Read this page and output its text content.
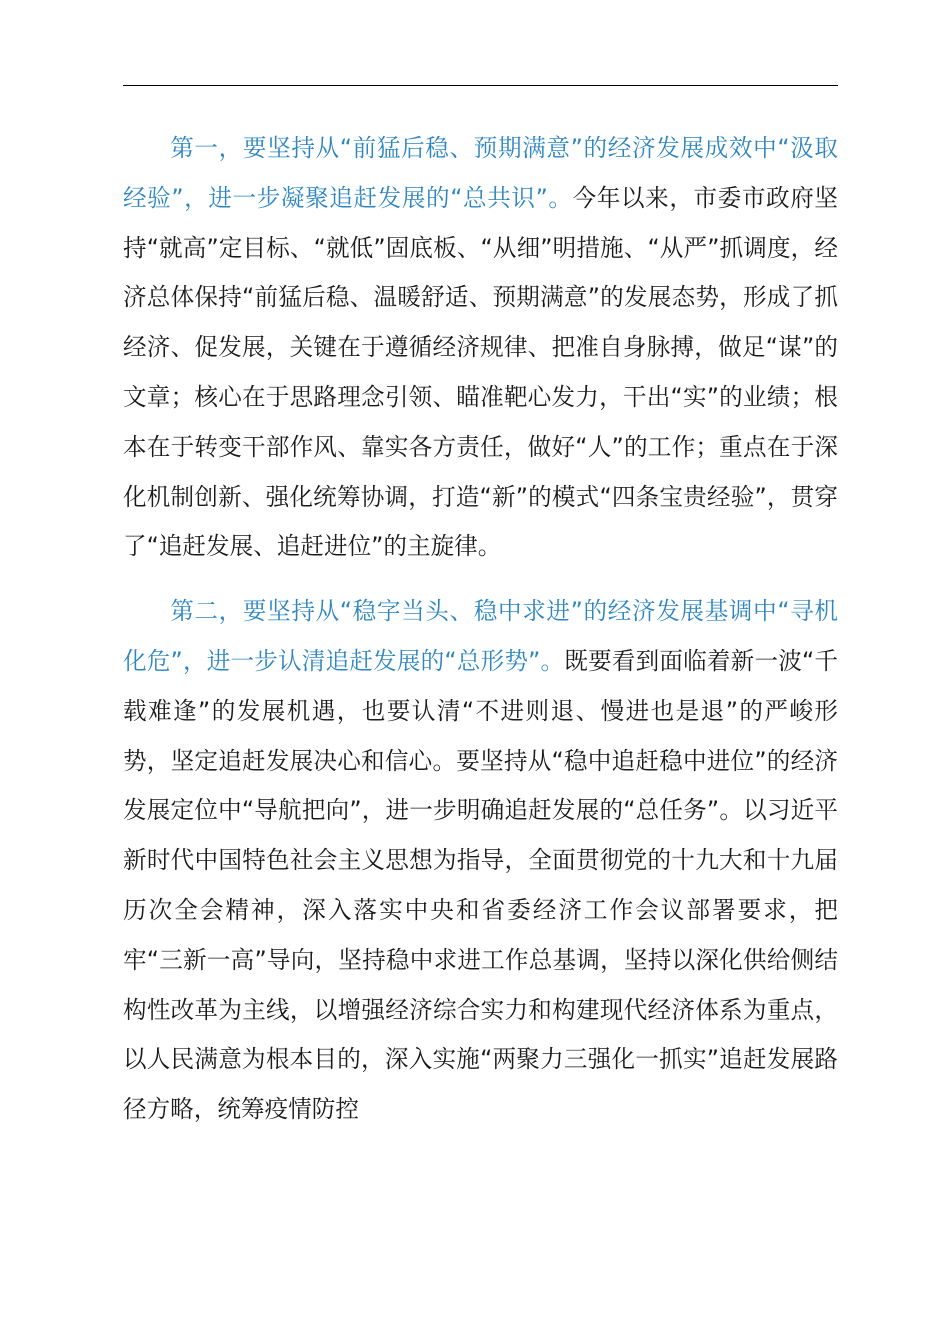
第一，要坚持从“前猛后稳、预期满意”的经济发展成效中“汲取经验”，进一步凝聚追赶发展的“总共识”。今年以来，市委市政府坚持“就高”定目标、“就低”固底板、“从细”明措施、“从严”抓调度，经济总体保持“前猛后稳、温暖舒适、预期满意”的发展态势，形成了抓经济、促发展，关键在于遵循经济规律、把准自身脉搏，做足“谋”的文章；核心在于思路理念引领、瞄准靶心发力，干出“实”的业绩；根本在于转变干部作风、靠实各方责任，做好“人”的工作；重点在于深化机制创新、强化统筹协调，打造“新”的模式“四条宝贵经验”，贯穿了“追赶发展、追赶进位”的主旋律。

第二，要坚持从“稳字当头、稳中求进”的经济发展基调中“寻机化危”，进一步认清追赶发展的“总形势”。既要看到面临着新一波“千载难逢”的发展机遇，也要认清“不进则退、慢进也是退”的严峻形势，坚定追赶发展决心和信心。要坚持从“稳中追赶稳中进位”的经济发展定位中“导航把向”，进一步明确追赶发展的“总任务”。以习近平新时代中国特色社会主义思想为指导，全面贯彻党的十九大和十九届历次全会精神，深入落实中央和省委经济工作会议部署要求，把牢“三新一高”导向，坚持稳中求进工作总基调，坚持以深化供给侧结构性改革为主线，以增强经济综合实力和构建现代经济体系为重点，以人民满意为根本目的，深入实施“两聚力三强化一抓实”追赶发展路径方略，统筹疫情防控
